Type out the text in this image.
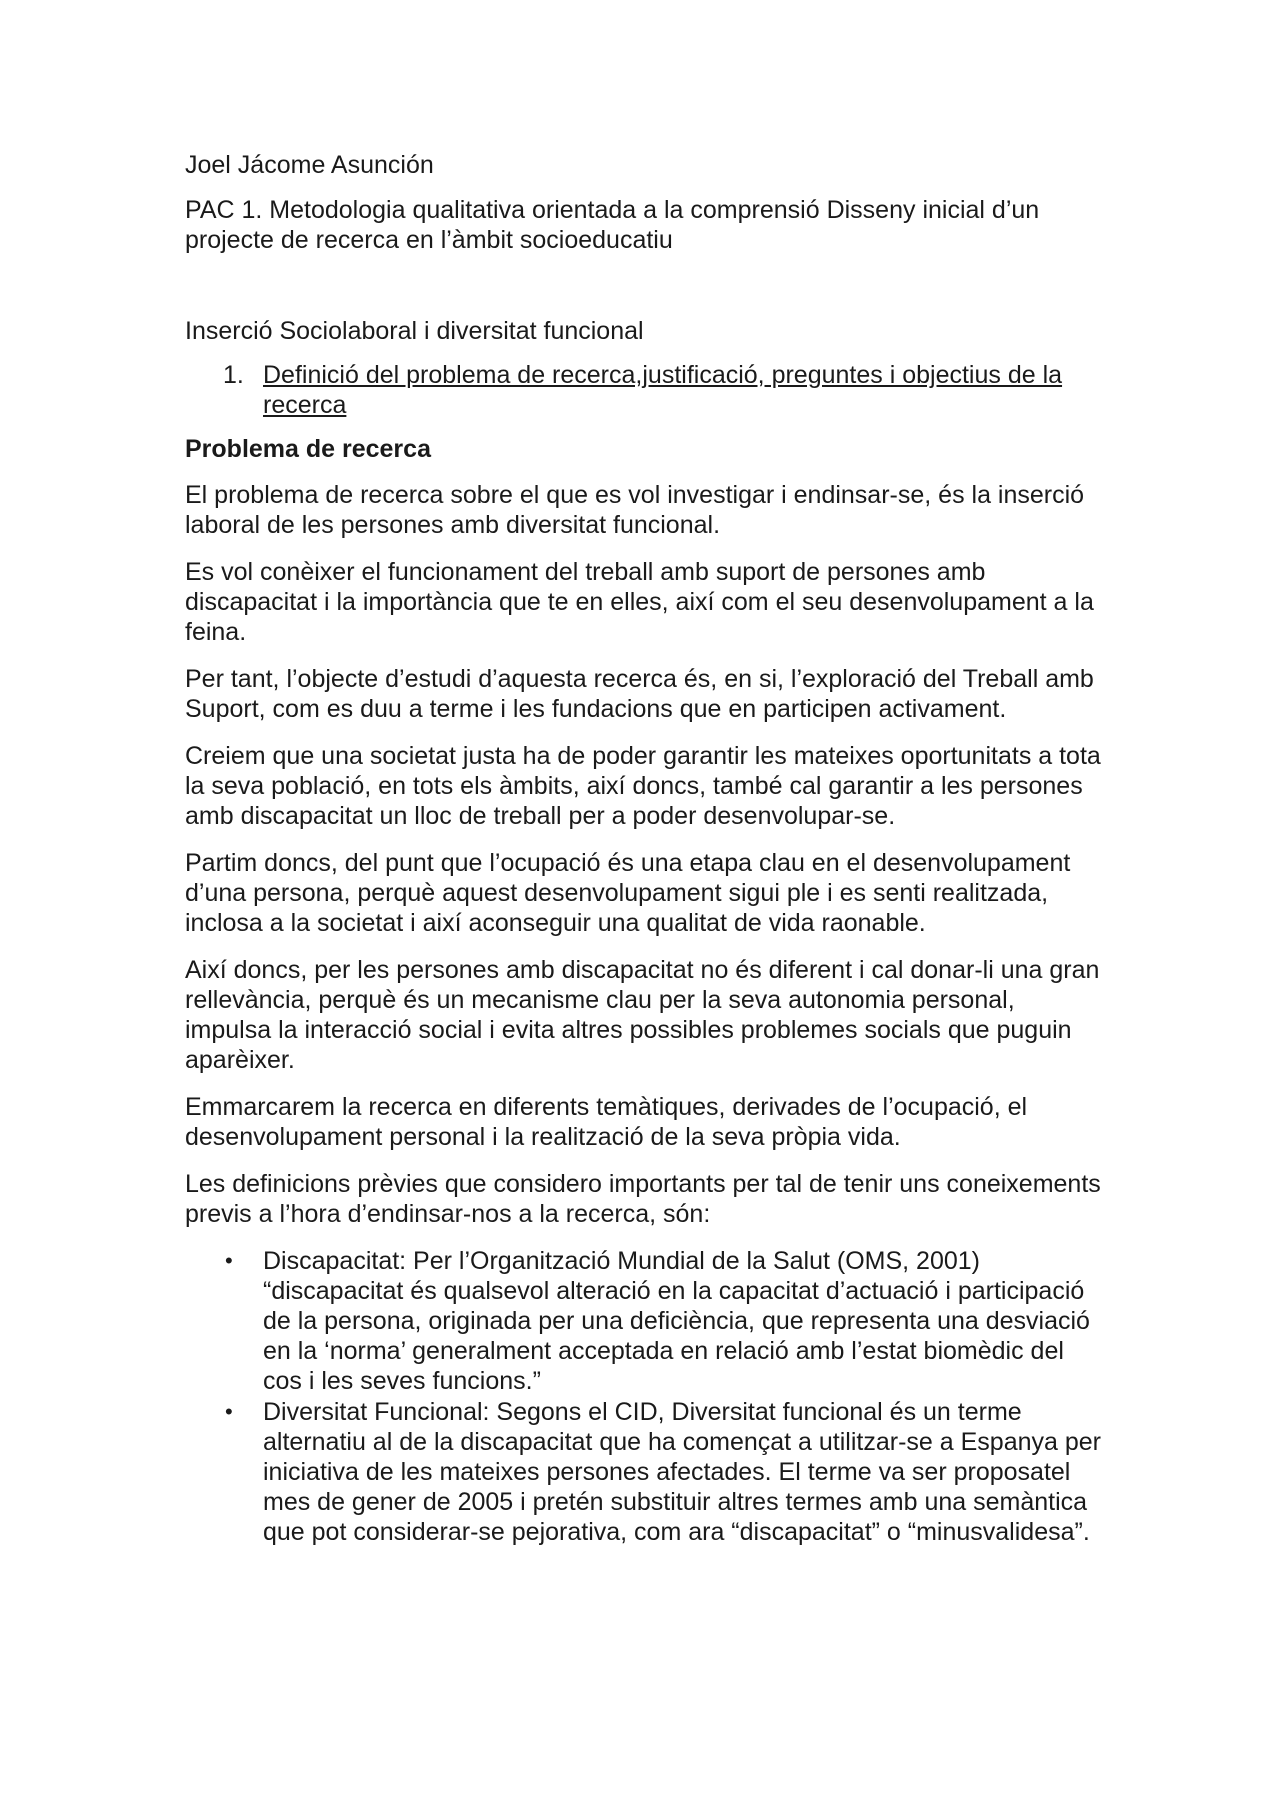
Joel Jácome Asunción

PAC 1. Metodologia qualitativa orientada a la comprensió Disseny inicial d’un projecte de recerca en l’àmbit socioeducatiu

Inserció Sociolaboral i diversitat funcional

1. Definició del problema de recerca,justificació, preguntes i objectius de la recerca

Problema de recerca

El problema de recerca sobre el que es vol investigar i endinsar-se, és la inserció laboral de les persones amb diversitat funcional.

Es vol conèixer el funcionament del treball amb suport de persones amb discapacitat i la importància que te en elles, així com el seu desenvolupament a la feina.

Per tant, l’objecte d’estudi d’aquesta recerca és, en si, l’exploració del Treball amb Suport, com es duu a terme i les fundacions que en participen activament.

Creiem que una societat justa ha de poder garantir les mateixes oportunitats a tota la seva població, en tots els àmbits, així doncs, també cal garantir a les persones amb discapacitat un lloc de treball per a poder desenvolupar-se.

Partim doncs, del punt que l’ocupació és una etapa clau en el desenvolupament d’una persona, perquè aquest desenvolupament sigui ple i es senti realitzada, inclosa a la societat i així aconseguir una qualitat de vida raonable.

Així doncs, per les persones amb discapacitat no és diferent i cal donar-li una gran rellevància, perquè és un mecanisme clau per la seva autonomia personal, impulsa la interacció social i evita altres possibles problemes socials que puguin aparèixer.

Emmarcarem la recerca en diferents temàtiques, derivades de l’ocupació, el desenvolupament personal i la realització de la seva pròpia vida.

Les definicions prèvies que considero importants per tal de tenir uns coneixements previs a l’hora d’endinsar-nos a la recerca, són:

• Discapacitat: Per l’Organització Mundial de la Salut (OMS, 2001) “discapacitat és qualsevol alteració en la capacitat d’actuació i participació de la persona, originada per una deficiència, que representa una desviació en la ‘norma’ generalment acceptada en relació amb l’estat biomèdic del cos i les seves funcions.”
• Diversitat Funcional: Segons el CID, Diversitat funcional és un terme alternatiu al de la discapacitat que ha començat a utilitzar-se a Espanya per iniciativa de les mateixes persones afectades. El terme va ser proposatel mes de gener de 2005 i pretén substituir altres termes amb una semàntica que pot considerar-se pejorativa, com ara “discapacitat” o “minusvalidesa”.
